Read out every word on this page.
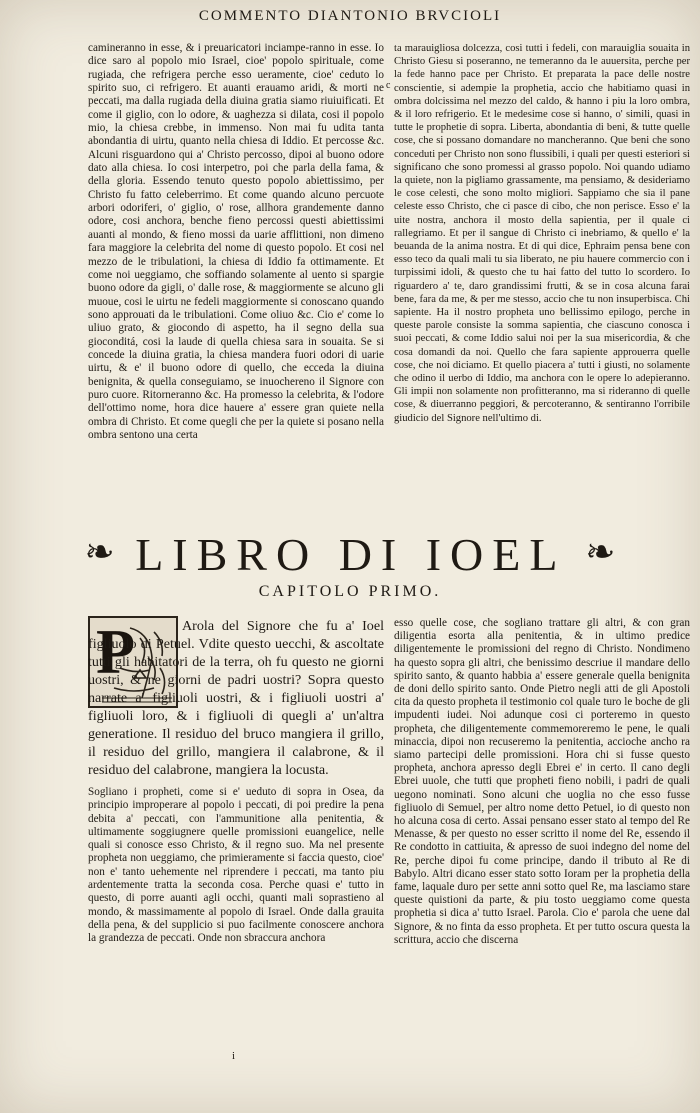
COMMENTO DIANTONIO BRVCIOLI

camineranno in esse, & i preuaricatori inciampe-ranno in esse. Io dice saro al popolo mio Israel, cioe' popolo spirituale, come rugiada, che refrigera perche esso ueramente, cioe' ceduto lo spirito suo, ci refrigero. Et auanti erauamo aridi, & morti ne peccati, ma dalla rugiada della diuina gratia siamo riuiuificati. Et come il giglio, con lo odore, & uaghezza si dilata, cosi il popolo mio, la chiesa crebbe, in immenso. Non mai fu udita tanta abondantia di uirtu, quanto nella chiesa di Iddio. Et percosse &c. Alcuni risguardono qui a' Christo percosso, dipoi al buono odore dato alla chiesa. Io cosi interpetro, poi che parla della fama, & della gloria. Essendo tenuto questo popolo abiettissimo, per Christo fu fatto celeberrimo. Et come quando alcuno percuote arbori odoriferi, o' giglio, o' rose, allhora grandemente danno odore, cosi anchora, benche fieno percossi questi abiettissimi auanti al mondo, & fieno mossi da uarie afflittioni, non dimeno fara maggiore la celebrita del nome di questo popolo. Et cosi nel mezzo de le tribulationi, la chiesa di Iddio fa ottimamente. Et come noi ueggiamo, che soffiando solamente al uento si spargie buono odore da gigli, o' dalle rose, & maggiormente se alcuno gli muoue, cosi le uirtu ne fedeli maggiormente si conoscano quando sono approuati da le tribulationi. Come oliuo &c. Cio e' come lo uliuo grato, & giocondo di aspetto, ha il segno della sua gioconditá, cosi la laude di quella chiesa sara in souaita. Se si concede la diuina gratia, la chiesa mandera fuori odori di uarie uirtu, & e' il buono odore di quello, che ecceda la diuina benignita, & quella conseguiamo, se inuochereno il Signore con puro cuore. Ritorneranno &c. Ha promesso la celebrita, & l'odore dell'ottimo nome, hora dice hauere a' essere gran quiete nella ombra di Christo. Et come quegli che per la quiete si posano nella ombra sentono una certa

c

ta marauigliosa dolcezza, cosi tutti i fedeli, con marauiglia souaita in Christo Giesu si poseranno, ne temeranno da le auuersita, perche per la fede hanno pace per Christo. Et preparata la pace delle nostre conscientie, si adempie la prophetia, accio che habitiamo quasi in ombra dolcissima nel mezzo del caldo, & hanno i piu la loro ombra, & il loro refrigerio. Et le medesime cose si hanno, o' simili, quasi in tutte le prophetie di sopra. Liberta, abondantia di beni, & tutte quelle cose, che si possano domandare no mancheranno. Que beni che sono conceduti per Christo non sono flussibili, i quali per questi esteriori si significano che sono promessi al grasso popolo. Noi quando udiamo la quiete, non la pigliamo grassamente, ma pensiamo, & desideriamo le cose celesti, che sono molto migliori. Sappiamo che sia il pane celeste esso Christo, che ci pasce di cibo, che non perisce. Esso e' la uite nostra, anchora il mosto della sapientia, per il quale ci rallegriamo. Et per il sangue di Christo ci inebriamo, & quello e' la beuanda de la anima nostra. Et di qui dice, Ephraim pensa bene con esso teco da quali mali tu sia liberato, ne piu hauere commercio con i turpissimi idoli, & questo che tu hai fatto del tutto lo scordero. Io riguardero a' te, daro grandissimi frutti, & se in cosa alcuna farai bene, fara da me, & per me stesso, accio che tu non insuperbisca. Chi sapiente. Ha il nostro propheta uno bellissimo epilogo, perche in queste parole consiste la somma sapientia, che ciascuno conosca i suoi peccati, & come Iddio salui noi per la sua misericordia, & che cosa domandi da noi. Quello che fara sapiente approuerra quelle cose, che noi diciamo. Et quello piacera a' tutti i giusti, no solamente che odino il uerbo di Iddio, ma anchora con le opere lo adepieranno. Gli impii non solamente non profitteranno, ma si rideranno di quelle cose, & diuerranno peggiori, & percoteranno, & sentiranno l'orribile giudicio del Signore nell'ultimo di.

❧ LIBRO DI IOEL ❧
CAPITOLO PRIMO.
P	Arola del Signore che fu a' Ioel figliuolo di Petuel. Vdite questo uecchi, & ascoltate tutti gli habitatori de la terra, oh fu questo ne giorni uostri, & ne giorni de padri uostri? Sopra questo narrate a' figliuoli uostri, & i figliuoli uostri a' figliuoli loro, & i figliuoli di quegli a' un'altra generatione. Il residuo del bruco mangiera il grillo, il residuo del grillo, mangiera il calabrone, & il residuo del calabrone, mangiera la locusta.

Sogliano i propheti, come si e' ueduto di sopra in Osea, da principio improperare al popolo i peccati, di poi predire la pena debita a' peccati, con l'ammunitione alla penitentia, & ultimamente soggiugnere quelle promissioni euangelice, nelle quali si conosce esso Christo, & il regno suo. Ma nel presente propheta non ueggiamo, che primieramente si faccia questo, cioe' non e' tanto uehemente nel riprendere i peccati, ma tanto piu ardentemente tratta la seconda cosa. Perche quasi e' tutto in questo, di porre auanti agli occhi, quanti mali soprastieno al mondo, & massimamente al popolo di Israel. Onde dalla grauita della pena, & del supplicio si puo facilmente conoscere anchora la grandezza de peccati. Onde non sbraccura anchora

i

esso quelle cose, che sogliano trattare gli altri, & con gran diligentia esorta alla penitentia, & in ultimo predice diligentemente le promissioni del regno di Christo. Nondimeno ha questo sopra gli altri, che benissimo descriue il mandare dello spirito santo, & quanto habbia a' essere generale quella benignita de doni dello spirito santo. Onde Pietro negli atti de gli Apostoli cita da questo propheta il testimonio col quale turo le boche de gli impudenti iudei. Noi adunque cosi ci porteremo in questo propheta, che diligentemente commemoreremo le pene, le quali minaccia, dipoi non recuseremo la penitentia, accioche ancho ra siamo partecipi delle promissioni. Hora chi si fusse questo propheta, anchora apresso degli Ebrei e' in certo. Il cano degli Ebrei uuole, che tutti que propheti fieno nobili, i padri de quali uegono nominati. Sono alcuni che uoglia no che esso fusse figliuolo di Semuel, per altro nome detto Petuel, io di questo non ho alcuna cosa di certo. Assai pensano esser stato al tempo del Re Menasse, & per questo no esser scritto il nome del Re, essendo il Re condotto in cattiuita, & apresso de suoi indegno del nome del Re, perche dipoi fu come principe, dando il tributo al Re di Babylo. Altri dicano esser stato sotto Ioram per la prophetia della fame, laquale duro per sette anni sotto quel Re, ma lasciamo stare queste quistioni da parte, & piu tosto ueggiamo come questa prophetia si dica a' tutto Israel. Parola. Cio e' parola che uene dal Signore, & no finta da esso propheta. Et per tutto oscura questa la scrittura, accio che discerna
